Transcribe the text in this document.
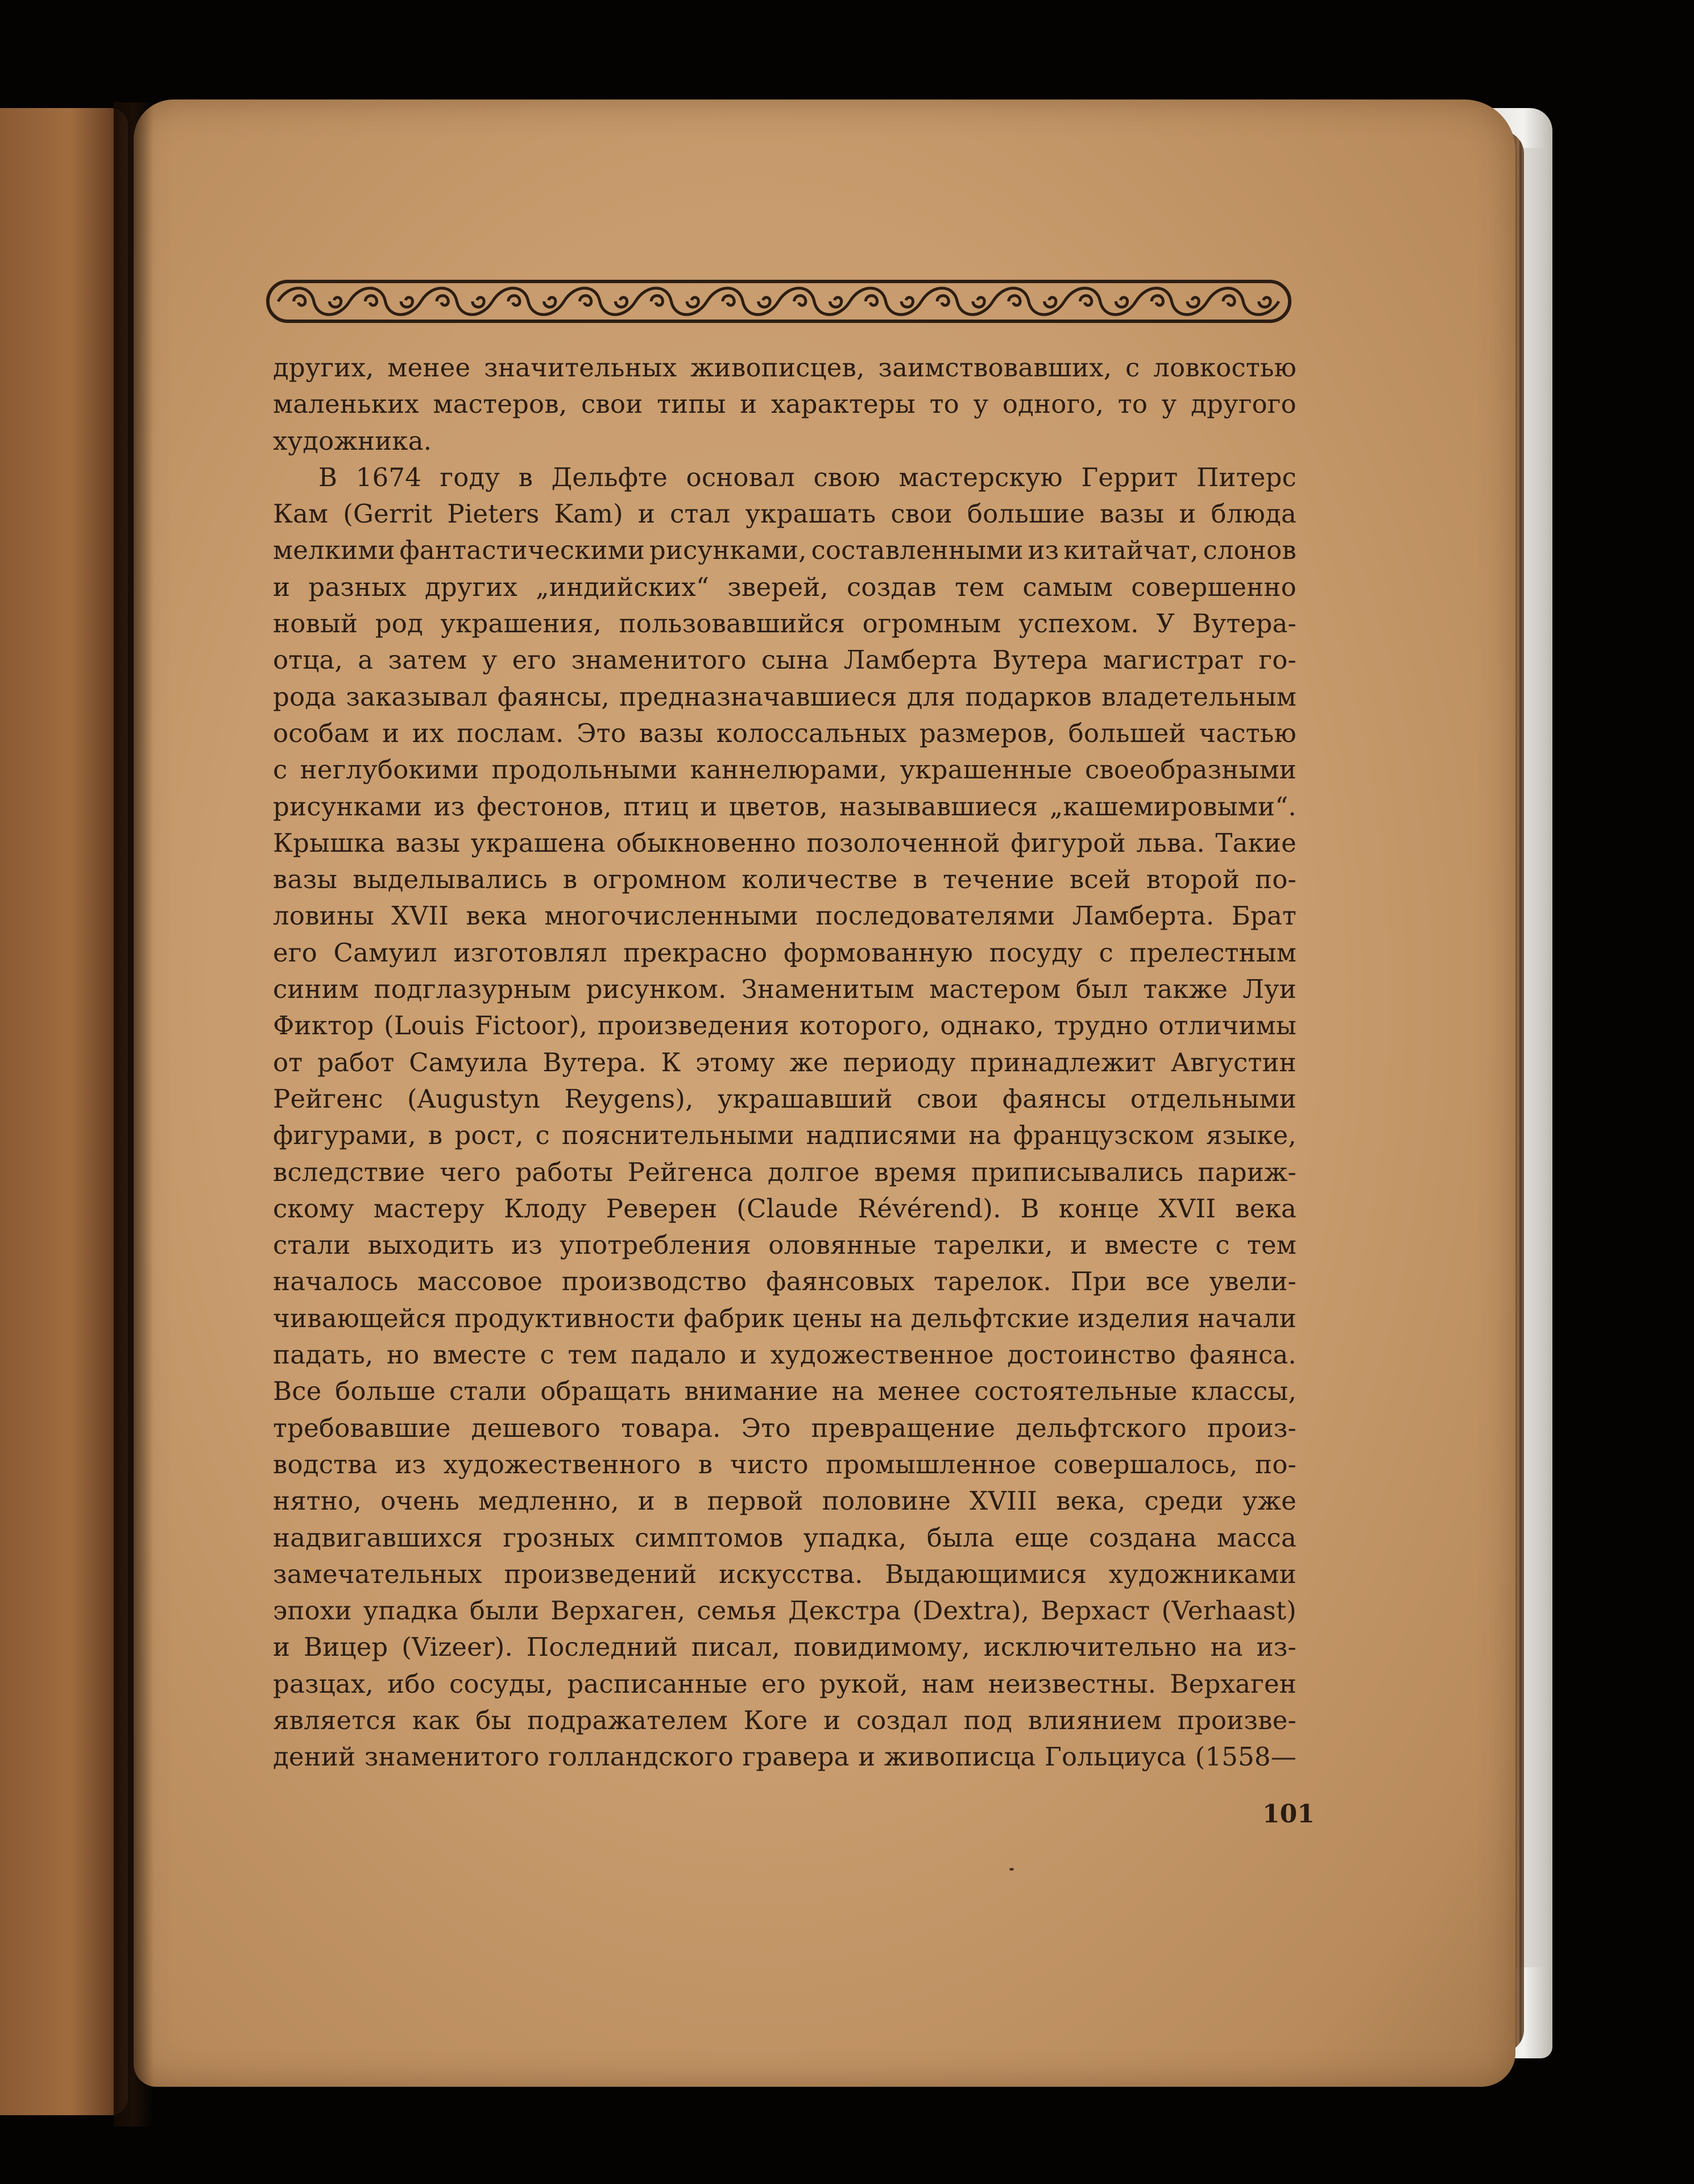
других, менее значительных живописцев, заимствовавших, с ловкостью
маленьких мастеров, свои типы и характеры то у одного, то у другого
художника.
В 1674 году в Дельфте основал свою мастерскую Геррит Питерс
Кам (Gerrit Pieters Kam) и стал украшать свои большие вазы и блюда
мелкими фантастическими рисунками, составленными из китайчат, слонов
и разных других „индийских“ зверей, создав тем самым совершенно
новый род украшения, пользовавшийся огромным успехом. У Вутера-
отца, а затем у его знаменитого сына Ламберта Вутера магистрат го-
рода заказывал фаянсы, предназначавшиеся для подарков владетельным
особам и их послам. Это вазы колоссальных размеров, большей частью
с неглубокими продольными каннелюрами, украшенные своеобразными
рисунками из фестонов, птиц и цветов, называвшиеся „кашемировыми“.
Крышка вазы украшена обыкновенно позолоченной фигурой льва. Такие
вазы выделывались в огромном количестве в течение всей второй по-
ловины XVII века многочисленными последователями Ламберта. Брат
его Самуил изготовлял прекрасно формованную посуду с прелестным
синим подглазурным рисунком. Знаменитым мастером был также Луи
Фиктор (Louis Fictoor), произведения которого, однако, трудно отличимы
от работ Самуила Вутера. К этому же периоду принадлежит Августин
Рейгенс (Augustyn Reygens), украшавший свои фаянсы отдельными
фигурами, в рост, с пояснительными надписями на французском языке,
вследствие чего работы Рейгенса долгое время приписывались париж-
скому мастеру Клоду Реверен (Claude Révérend). В конце XVII века
стали выходить из употребления оловянные тарелки, и вместе с тем
началось массовое производство фаянсовых тарелок. При все увели-
чивающейся продуктивности фабрик цены на дельфтские изделия начали
падать, но вместе с тем падало и художественное достоинство фаянса.
Все больше стали обращать внимание на менее состоятельные классы,
требовавшие дешевого товара. Это превращение дельфтского произ-
водства из художественного в чисто промышленное совершалось, по-
нятно, очень медленно, и в первой половине XVIII века, среди уже
надвигавшихся грозных симптомов упадка, была еще создана масса
замечательных произведений искусства. Выдающимися художниками
эпохи упадка были Верхаген, семья Декстра (Dextra), Верхаст (Verhaast)
и Вицер (Vizeer). Последний писал, повидимому, исключительно на из-
разцах, ибо сосуды, расписанные его рукой, нам неизвестны. Верхаген
является как бы подражателем Коге и создал под влиянием произве-
дений знаменитого голландского гравера и живописца Гольциуса (1558—
101
